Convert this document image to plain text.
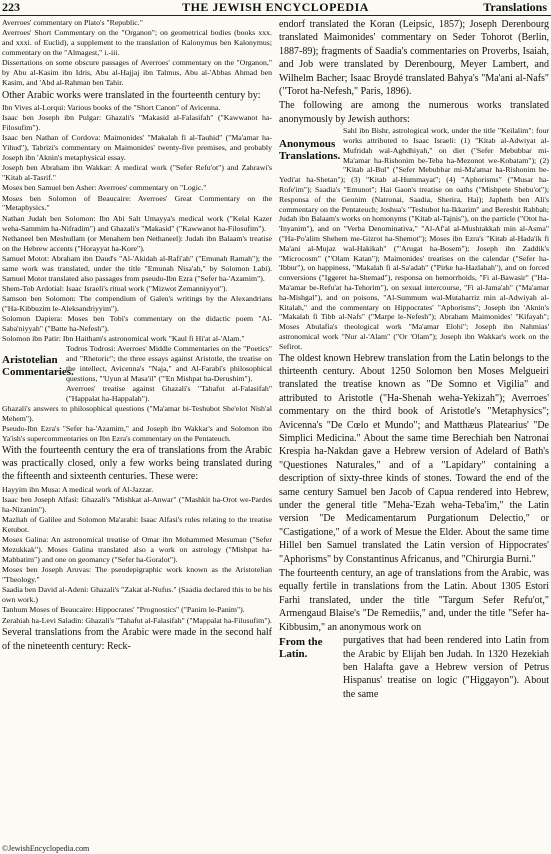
223	THE JEWISH ENCYCLOPEDIA	Translations

Averroes' commentary on Plato's "Republic."

Averroes' Short Commentary on the "Organon"; on geometrical bodies (books xxx. and xxxi. of Euclid), a supplement to the translation of Kalonymus ben Kalonymus; commentary on the "Almagest," i.-iii.

Dissertations on some obscure passages of Averroes' commentary on the "Organon," by Abu al-Kasim ibn Idris, Abu al-Hajjaj ibn Talmus, Abu al-'Abbas Ahmad ben Kasim, and 'Abd al-Rahman ben Tahir.

Other Arabic works were translated in the fourteenth century by:

Ibn Vives al-Lorqui: Various books of the "Short Canon" of Avicenna.

Isaac ben Joseph ibn Pulgar: Ghazali's "Makasid al-Falasifah" ("Kawwanot ha-Filosufim").

Isaac ben Nathan of Cordova: Maimonides' "Makalah fi al-Tauhid" ("Ma'amar ha-Yihud"), Tabrizi's commentary on Maimonides' twenty-five premises, and probably Joseph ibn 'Aknin's metaphysical essay.

Joseph ben Abraham ibn Wakkar: A medical work ("Sefer Refu'ot") and Zahrawi's "Kitab al-Tasrif."

Moses ben Samuel ben Asher: Averroes' commentary on "Logic."

Moses ben Solomon of Beaucaire: Averroes' Great Commentary on the "Metaphysics."

Nathan Judah ben Solomon: Ibn Abi Salt Umayya's medical work ("Kelal Kazer weha-Sammim ha-Nifradim") and Ghazali's "Makasid" ("Kawwanot ha-Filosufim").

Nethaneel ben Meshullam (or Menahem ben Nethaneel): Judah ibn Balaam's treatise on the Hebrew accents ("Horayyat ha-Kore").

Samuel Motot: Abraham ibn Daud's "Al-'Akidah al-Rafi'ah" ("Emunah Ramah"); the same work was translated, under the title "Emunah Nisa'ah," by Solomon Labi). Samuel Motot translated also passages from pseudo-Ibn Ezra ("Sefer ha-'Azamim").

Shem-Tob Ardotial: Isaac Israeli's ritual work ("Mizwot Zemanniyyot").

Samson ben Solomon: The compendium of Galen's writings by the Alexandrians ("Ha-Kibbuzim le-Aleksandriyyim").

Solomon Dapiera: Moses ben Tobi's commentary on the didactic poem "Al-Saba'niyyah" ("Batte ha-Nefesh").

Solomon ibn Patir: Ibn Haitham's astronomical work "Kaul fi Hi'at al-'Alam."

Aristotelian Commentaries.

Todros Todrosi: Averroes' Middle Commentaries on the "Poetics" and "Rhetoric"; the three essays against Aristotle, the treatise on the intellect, Avicenna's "Naja," and Al-Farabi's philosophical questions, "'Uyun al Masa'il" ("'En Mishpat ha-Derushim").

Averroes' treatise against Ghazali's "Tahafut al-Falasifah" ("Happalat ha-Happalah").

Ghazali's answers to philosophical questions ("Ma'amar bi-Teshubot She'elot Nish'al Mehem").

Pseudo-Ibn Ezra's "Sefer ha-'Azamim," and Joseph ibn Wakkar's and Solomon ibn Ya'ish's supercommentaries on Ibn Ezra's commentary on the Pentateuch.

With the fourteenth century the era of translations from the Arabic was practically closed, only a few works being translated during the fifteenth and sixteenth centuries. These were:

Hayyim ibn Musa: A medical work of Al-Jazzar.

Isaac ben Joseph Alfasi: Ghazali's "Mishkat al-Anwar" ("Mashkit ha-Orot we-Pardes ha-Nizanim").

Mazliah of Galilee and Solomon Ma'arabi: Isaac Alfasi's rules relating to the treatise Ketubot.

Moses Galina: An astronomical treatise of Omar ibn Mohammed Mesuman ("Sefer Mezukkak"). Moses Galina translated also a work on astrology ("Mishpat ha-Mabbatim") and one on geomancy ("Sefer ha-Goralot").

Moses ben Joseph Aruvas: The pseudepigraphic work known as the Aristotelian "Theology."

Saadia ben David al-Adeni: Ghazali's "Zakat al-Nufus." (Saadia declared this to be his own work.)

Tanhum Moses of Beaucaire: Hippocrates' "Prognostics" ("Panim le-Panim").

Zerahiah ha-Levi Saladin: Ghazali's "Tahafut al-Falasifah" ("Mappalat ha-Filusufim").

Several translations from the Arabic were made in the second half of the nineteenth century: Reck-

endorf translated the Koran (Leipsic, 1857); Joseph Derenbourg translated Maimonides' commentary on Seder Tohorot (Berlin, 1887-89); fragments of Saadia's commentaries on Proverbs, Isaiah, and Job were translated by Derenbourg, Meyer Lambert, and Wilhelm Bacher; Isaac Broydé translated Bahya's "Ma'ani al-Nafs" ("Torot ha-Nefesh," Paris, 1896).

The following are among the numerous works translated anonymously by Jewish authors:

Anonymous Translations.

Sahl ibn Bishr, astrological work, under the title "Keilalim": four works attributed to Isaac Israeli: (1) "Kitab al-Adwiyat al-Mufridah wal-Aghdhiyah," on diet ("Sefer Mebubbar mi-Ma'amar ha-Rishonim be-Teba ha-Mezonot we-Kobatam"); (2) "Kitab al-Bul" ("Sefer Mebubbar mi-Ma'amar ha-Rishonim be-Yedi'at ha-Shetan"); (3) "Kitab al-Hummayat"; (4) "Aphorisms" ("Musar ha-Rofe'im"); Saadia's "Emunot"; Hai Gaon's treatise on oaths ("Mishpete Shebu'ot"); Responsa of the Geonim (Natronai, Saadia, Sherira, Hai); Japheth ben Ali's commentary on the Pentateuch; Joshua's "Teshubot ha-Ikkarim" and Bereshit Rabbah; Judah ibn Balaam's works on homonyms ("Kitab al-Tajnis"), on the particle ("Otot ha-'Inyanim"), and on "Verba Denominativa," "Al-Af'al al-Mushtakkah min al-Asma" ("Ha-Po'alim Shehem me-Gizrot ha-Shemot"); Moses ibn Ezra's "Kitab al-Hada'ik fi Ma'ani al-Mujaz wal-Hakikah" ("'Arugat ha-Bosem"); Joseph ibn Zaddik's "Microcosm" ("'Olam Katan"); Maimonides' treatises on the calendar ("Sefer ha-'Ibbur"), on happiness, "Makalah fi al-Sa'adah" ("Pirke ha-Hazlahah"), and on forced conversions ("Iggeret ha-Shemad"), responsa on hemorrhoids, "Fi al-Bawasir" ("Ha-Ma'amar be-Refu'at ha-Tehorim"), on sexual intercourse, "Fi al-Jama'ah" ("Ma'amar ha-Mishgal"), and on poisons, "Al-Summum wal-Mutaharriz min al-Adwiyah al-Kitalah," and the commentary on Hippocrates' "Aphorisms"; Joseph ibn 'Aknin's "Makalah fi Tibb al-Nafs" ("Marpe le-Nefesh"); Abraham Maimonides' "Kifayah"; Moses Abulafia's theological work "Ma'amar Elohi"; Joseph ibn Nahmias' astronomical work "Nur al-'Alam" ("Or 'Olam"); Joseph ibn Wakkar's work on the Sefirot.

The oldest known Hebrew translation from the Latin belongs to the thirteenth century. About 1250 Solomon ben Moses Melgueiri translated the treatise known as "De Somno et Vigilia" and attributed to Aristotle ("Ha-Shenah weha-Yekizah"); Averroes' commentary on the third book of Aristotle's "Metaphysics"; Avicenna's "De Cœlo et Mundo"; and Matthæus Platearius' "De Simplici Medicina." About the same time Berechiah ben Natronai Krespia ha-Nakdan gave a Hebrew version of Adelard of Bath's "Questiones Naturales," and of a "Lapidary" containing a description of sixty-three kinds of stones. Toward the end of the same century Samuel ben Jacob of Capua rendered into Hebrew, under the general title "Meha-'Ezah weha-Teba'im," the Latin version "De Medicamentarum Purgationum Delectio," or "Castigatione," of a work of Mesue the Elder. About the same time Hillel ben Samuel translated the Latin version of Hippocrates' "Aphorisms" by Constantinus Africanus, and "Chirurgia Burni."

The fourteenth century, an age of translations from the Arabic, was equally fertile in translations from the Latin. About 1305 Estori Farhi translated, under the title "Targum Sefer Refu'ot," Armengaud Blaise's "De Remediis," and, under the title "Sefer ha-Kibbusim," an anonymous work on

From the Latin.

purgatives that had been rendered into Latin from the Arabic by Elijah ben Judah. In 1320 Hezekiah ben Halafta gave a Hebrew version of Petrus Hispanus' treatise on logic ("Higgayon"). About the same

©JewishEncyclopedia.com
